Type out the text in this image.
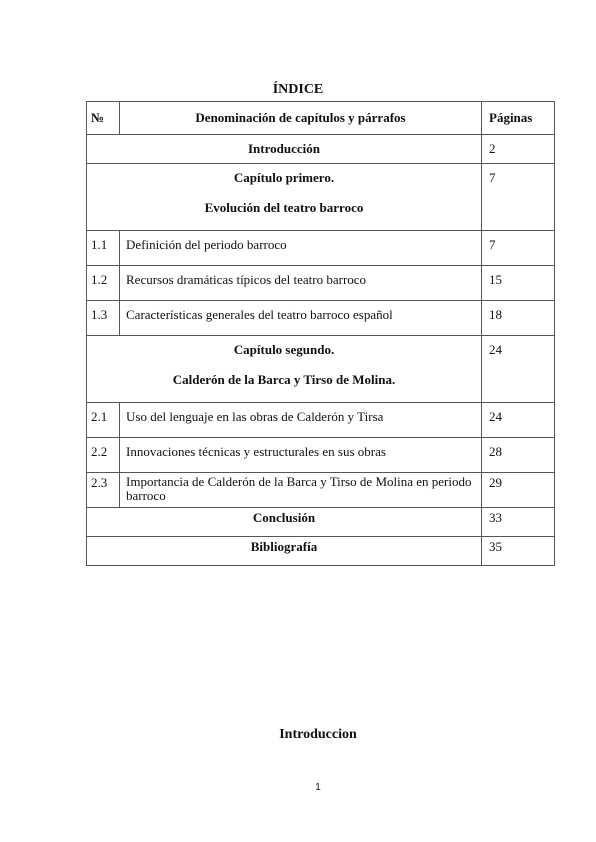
ÍNDICE
№	Denominación de capítulos y párrafos	Páginas
Introducción		2

Capítulo primero.
Evolución del teatro barroco		7
1.1	Definición del periodo barroco	7
1.2	Recursos dramáticas típicos del teatro barroco	15
1.3	Características generales del teatro barroco español	18

Capítulo segundo.
Calderón de la Barca y Tirso de Molina.		24
2.1	Uso del lenguaje en las obras de Calderón y Tirsa	24
2.2	Innovaciones técnicas y estructurales en sus obras	28
2.3	Importancia de Calderón de la Barca y Tirso de Molina en periodo barroco	29
Conclusión		33
Bibliografía		35
Introduccion
1
